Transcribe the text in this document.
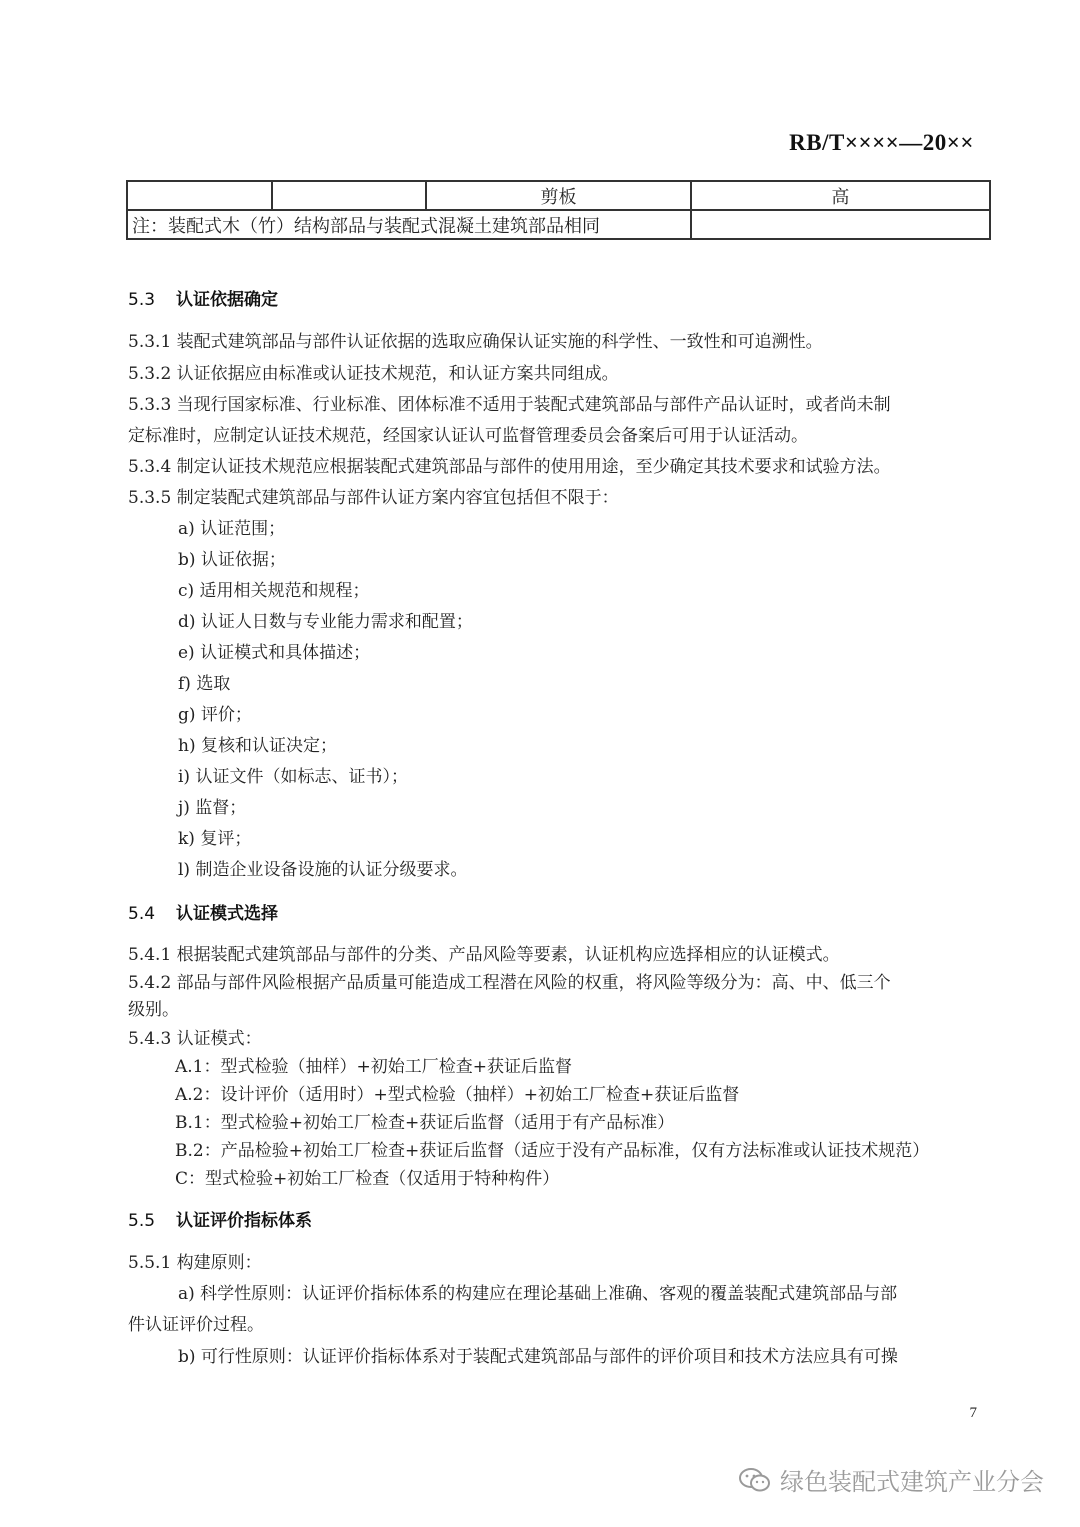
RB/T××××—20××
		剪板	高
注：装配式木（竹）结构部品与装配式混凝土建筑部品相同			
5.3 认证依据确定
5.3.1 装配式建筑部品与部件认证依据的选取应确保认证实施的科学性、一致性和可追溯性。
5.3.2 认证依据应由标准或认证技术规范，和认证方案共同组成。
5.3.3 当现行国家标准、行业标准、团体标准不适用于装配式建筑部品与部件产品认证时，或者尚未制
定标准时，应制定认证技术规范，经国家认证认可监督管理委员会备案后可用于认证活动。
5.3.4 制定认证技术规范应根据装配式建筑部品与部件的使用用途，至少确定其技术要求和试验方法。
5.3.5 制定装配式建筑部品与部件认证方案内容宜包括但不限于：
a) 认证范围；
b) 认证依据；
c) 适用相关规范和规程；
d) 认证人日数与专业能力需求和配置；
e) 认证模式和具体描述；
f) 选取
g) 评价；
h) 复核和认证决定；
i) 认证文件（如标志、证书）；
j) 监督；
k) 复评；
l) 制造企业设备设施的认证分级要求。
5.4 认证模式选择
5.4.1 根据装配式建筑部品与部件的分类、产品风险等要素，认证机构应选择相应的认证模式。
5.4.2 部品与部件风险根据产品质量可能造成工程潜在风险的权重，将风险等级分为：高、中、低三个
级别。
5.4.3 认证模式：
A.1：型式检验（抽样）+初始工厂检查+获证后监督
A.2：设计评价（适用时）+型式检验（抽样）+初始工厂检查+获证后监督
B.1：型式检验+初始工厂检查+获证后监督（适用于有产品标准）
B.2：产品检验+初始工厂检查+获证后监督（适应于没有产品标准，仅有方法标准或认证技术规范）
C：型式检验+初始工厂检查（仅适用于特种构件）
5.5 认证评价指标体系
5.5.1 构建原则：
a) 科学性原则：认证评价指标体系的构建应在理论基础上准确、客观的覆盖装配式建筑部品与部
件认证评价过程。
b) 可行性原则：认证评价指标体系对于装配式建筑部品与部件的评价项目和技术方法应具有可操
7
绿色装配式建筑产业分会
